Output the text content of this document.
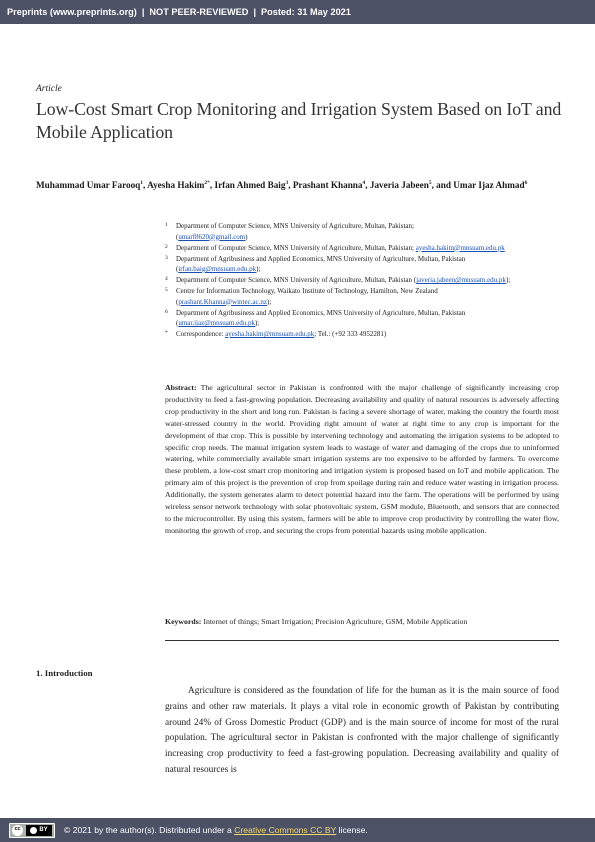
Preprints (www.preprints.org) | NOT PEER-REVIEWED | Posted: 31 May 2021
Article
Low-Cost Smart Crop Monitoring and Irrigation System Based on IoT and Mobile Application
Muhammad Umar Farooq$^1$, Ayesha Hakim$^{2*}$, Irfan Ahmed Baig$^3$, Prashant Khanna$^4$, Javeria Jabeen$^5$, and Umar Ijaz Ahmad$^6$
1	Department of Computer Science, MNS University of Agriculture, Multan, Pakistan;
(umarf8620@gmail.com)
2	Department of Computer Science, MNS University of Agriculture, Multan, Pakistan; ayesha.hakim@mnsuam.edu.pk
3	Department of Agribusiness and Applied Economics, MNS University of Agriculture, Multan, Pakistan (irfan.baig@mnsuam.edu.pk);
4	Department of Computer Science, MNS University of Agriculture, Multan, Pakistan (javeria.jabeen@mnsuam.edu.pk);
5	Centre for Information Technology, Waikato Institute of Technology, Hamilton, New Zealand
(prashant.Khanna@wintec.ac.nz);
6	Department of Agribusiness and Applied Economics, MNS University of Agriculture, Multan, Pakistan
(umar.ijaz@mnsuam.edu.pk);
*	Correspondence: ayesha.hakim@mnsuam.edu.pk; Tel.: (+92 333 4952281)

Abstract: The agricultural sector in Pakistan is confronted with the major challenge of significantly increasing crop productivity to feed a fast-growing population. Decreasing availability and quality of natural resources is adversely affecting crop productivity in the short and long run. Pakistan is facing a severe shortage of water, making the country the fourth most water-stressed country in the world. Providing right amount of water at right time to any crop is important for the development of that crop. This is possible by intervening technology and automating the irrigation systems to be adopted to specific crop needs. The manual irrigation system leads to wastage of water and damaging of the crops due to uninformed watering, while commercially available smart irrigation systems are too expensive to be afforded by farmers. To overcome these problem, a low-cost smart crop monitoring and irrigation system is proposed based on IoT and mobile application. The primary aim of this project is the prevention of crop from spoilage during rain and reduce water wasting in irrigation process. Additionally, the system generates alarm to detect potential hazard into the farm. The operations will be performed by using wireless sensor network technology with solar photovoltaic system, GSM module, Bluetooth, and sensors that are connected to the microcontroller. By using this system, farmers will be able to improve crop productivity by controlling the water flow, monitoring the growth of crop, and securing the crops from potential hazards using mobile application.

Keywords: Internet of things; Smart Irrigation; Precision Agriculture, GSM, Mobile Application

1. Introduction

Agriculture is considered as the foundation of life for the human as it is the main source of food grains and other raw materials. It plays a vital role in economic growth of Pakistan by contributing around 24% of Gross Domestic Product (GDP) and is the main source of income for most of the rural population. The agricultural sector in Pakistan is confronted with the major challenge of significantly increasing crop productivity to feed a fast-growing population. Decreasing availability and quality of natural resources is

cc	BY © 2021 by the author(s). Distributed under a Creative Commons CC BY license.
